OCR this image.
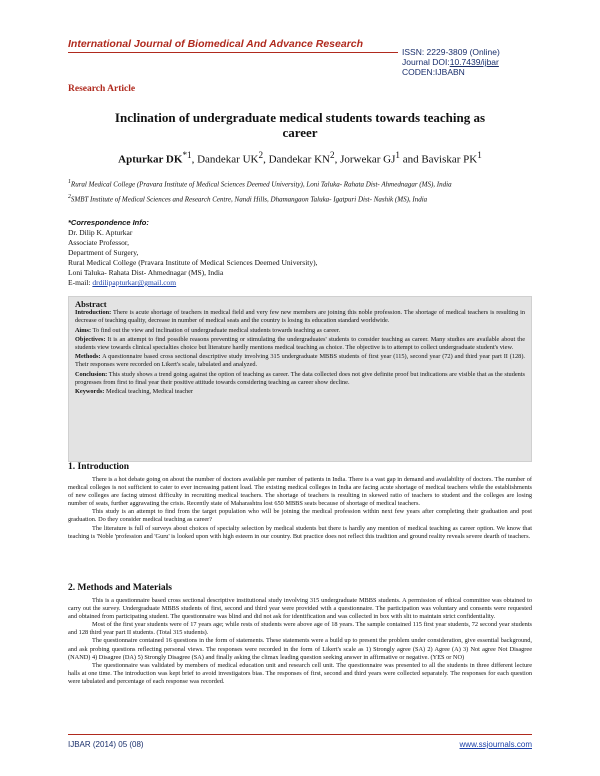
International Journal of Biomedical And Advance Research
ISSN: 2229-3809 (Online)
Journal DOI:10.7439/ijbar
CODEN:IJBABN
Research Article
Inclination of undergraduate medical students towards teaching as career
Apturkar DK$^{*1}$, Dandekar $UK^2$, Dandekar $KN^2$, Jorwekar $GJ^1$ and Baviskar $PK^1$

$^1$Rural Medical College (Pravara Institute of Medical Sciences Deemed University), Loni Taluka- Rahata Dist- Ahmednagar (MS), India

$^2$SMBT Institute of Medical Sciences and Research Centre, Nandi Hills, Dhamangaon Taluka- Igatpuri Dist- Nashik (MS), India

*Correspondence Info:
Dr. Dilip K. Apturkar
Associate Professor,
Department of Surgery,
Rural Medical College (Pravara Institute of Medical Sciences Deemed University),
Loni Taluka- Rahata Dist- Ahmednagar (MS), India
E-mail: drdilipapturkar@gmail.com
Abstract

Introduction: There is acute shortage of teachers in medical field and very few new members are joining this noble profession. The shortage of medical teachers is resulting in decrease of teaching quality, decrease in number of medical seats and the country is losing its education standard worldwide.

Aims: To find out the view and inclination of undergraduate medical students towards teaching as career.

Objectives: It is an attempt to find possible reasons preventing or stimulating the undergraduates' students to consider teaching as career. Many studies are available about the students view towards clinical specialties choice but literature hardly mentions medical teaching as choice. The objective is to attempt to collect undergraduate student's view.

Methods: A questionnaire based cross sectional descriptive study involving 315 undergraduate MBBS students of first year (115), second year (72) and third year part II (128). Their responses were recorded on Likert's scale, tabulated and analyzed.

Conclusion: This study shows a trend going against the option of teaching as career. The data collected does not give definite proof but indications are visible that as the students progresses from first to final year their positive attitude towards considering teaching as career show decline.

Keywords: Medical teaching, Medical teacher

1. Introduction

There is a hot debate going on about the number of doctors available per number of patients in India. There is a vast gap in demand and availability of doctors. The number of medical colleges is not sufficient to cater to ever increasing patient load. The existing medical colleges in India are facing acute shortage of medical teachers while the establishments of new colleges are facing utmost difficulty in recruiting medical teachers. The shortage of teachers is resulting in skewed ratio of teachers to student and the colleges are losing number of seats, further aggravating the crisis. Recently state of Maharashtra lost 650 MBBS seats because of shortage of medical teachers.

This study is an attempt to find from the target population who will be joining the medical profession within next few years after completing their graduation and post graduation. Do they consider medical teaching as career?

The literature is full of surveys about choices of specialty selection by medical students but there is hardly any mention of medical teaching as career option. We know that teaching is 'Noble 'profession and 'Guru' is looked upon with high esteem in our country. But practice does not reflect this tradition and ground reality reveals severe dearth of teachers.

2. Methods and Materials

This is a questionnaire based cross sectional descriptive institutional study involving 315 undergraduate MBBS students. A permission of ethical committee was obtained to carry out the survey. Undergraduate MBBS students of first, second and third year were provided with a questionnaire. The participation was voluntary and consents were requested and obtained from participating student. The questionnaire was blind and did not ask for identification and was collected in box with slit to maintain strict confidentiality.

Most of the first year students were of 17 years age; while rests of students were above age of 18 years. The sample contained 115 first year students, 72 second year students and 128 third year part II students. (Total 315 students).

The questionnaire contained 16 questions in the form of statements. These statements were a build up to present the problem under consideration, give essential background, and ask probing questions reflecting personal views. The responses were recorded in the form of Likert's scale as 1) Strongly agree (SA) 2) Agree (A) 3) Not agree Not Disagree (NAND) 4) Disagree (DA) 5) Strongly Disagree (SA) and finally asking the climax leading question seeking answer in affirmative or negative. (YES or NO)

The questionnaire was validated by members of medical education unit and research cell unit. The questionnaire was presented to all the students in three different lecture halls at one time. The introduction was kept brief to avoid investigators bias. The responses of first, second and third years were collected separately. The responses for each question were tabulated and percentage of each response was recorded.

IJBAR (2014) 05 (08)	www.ssjournals.com
